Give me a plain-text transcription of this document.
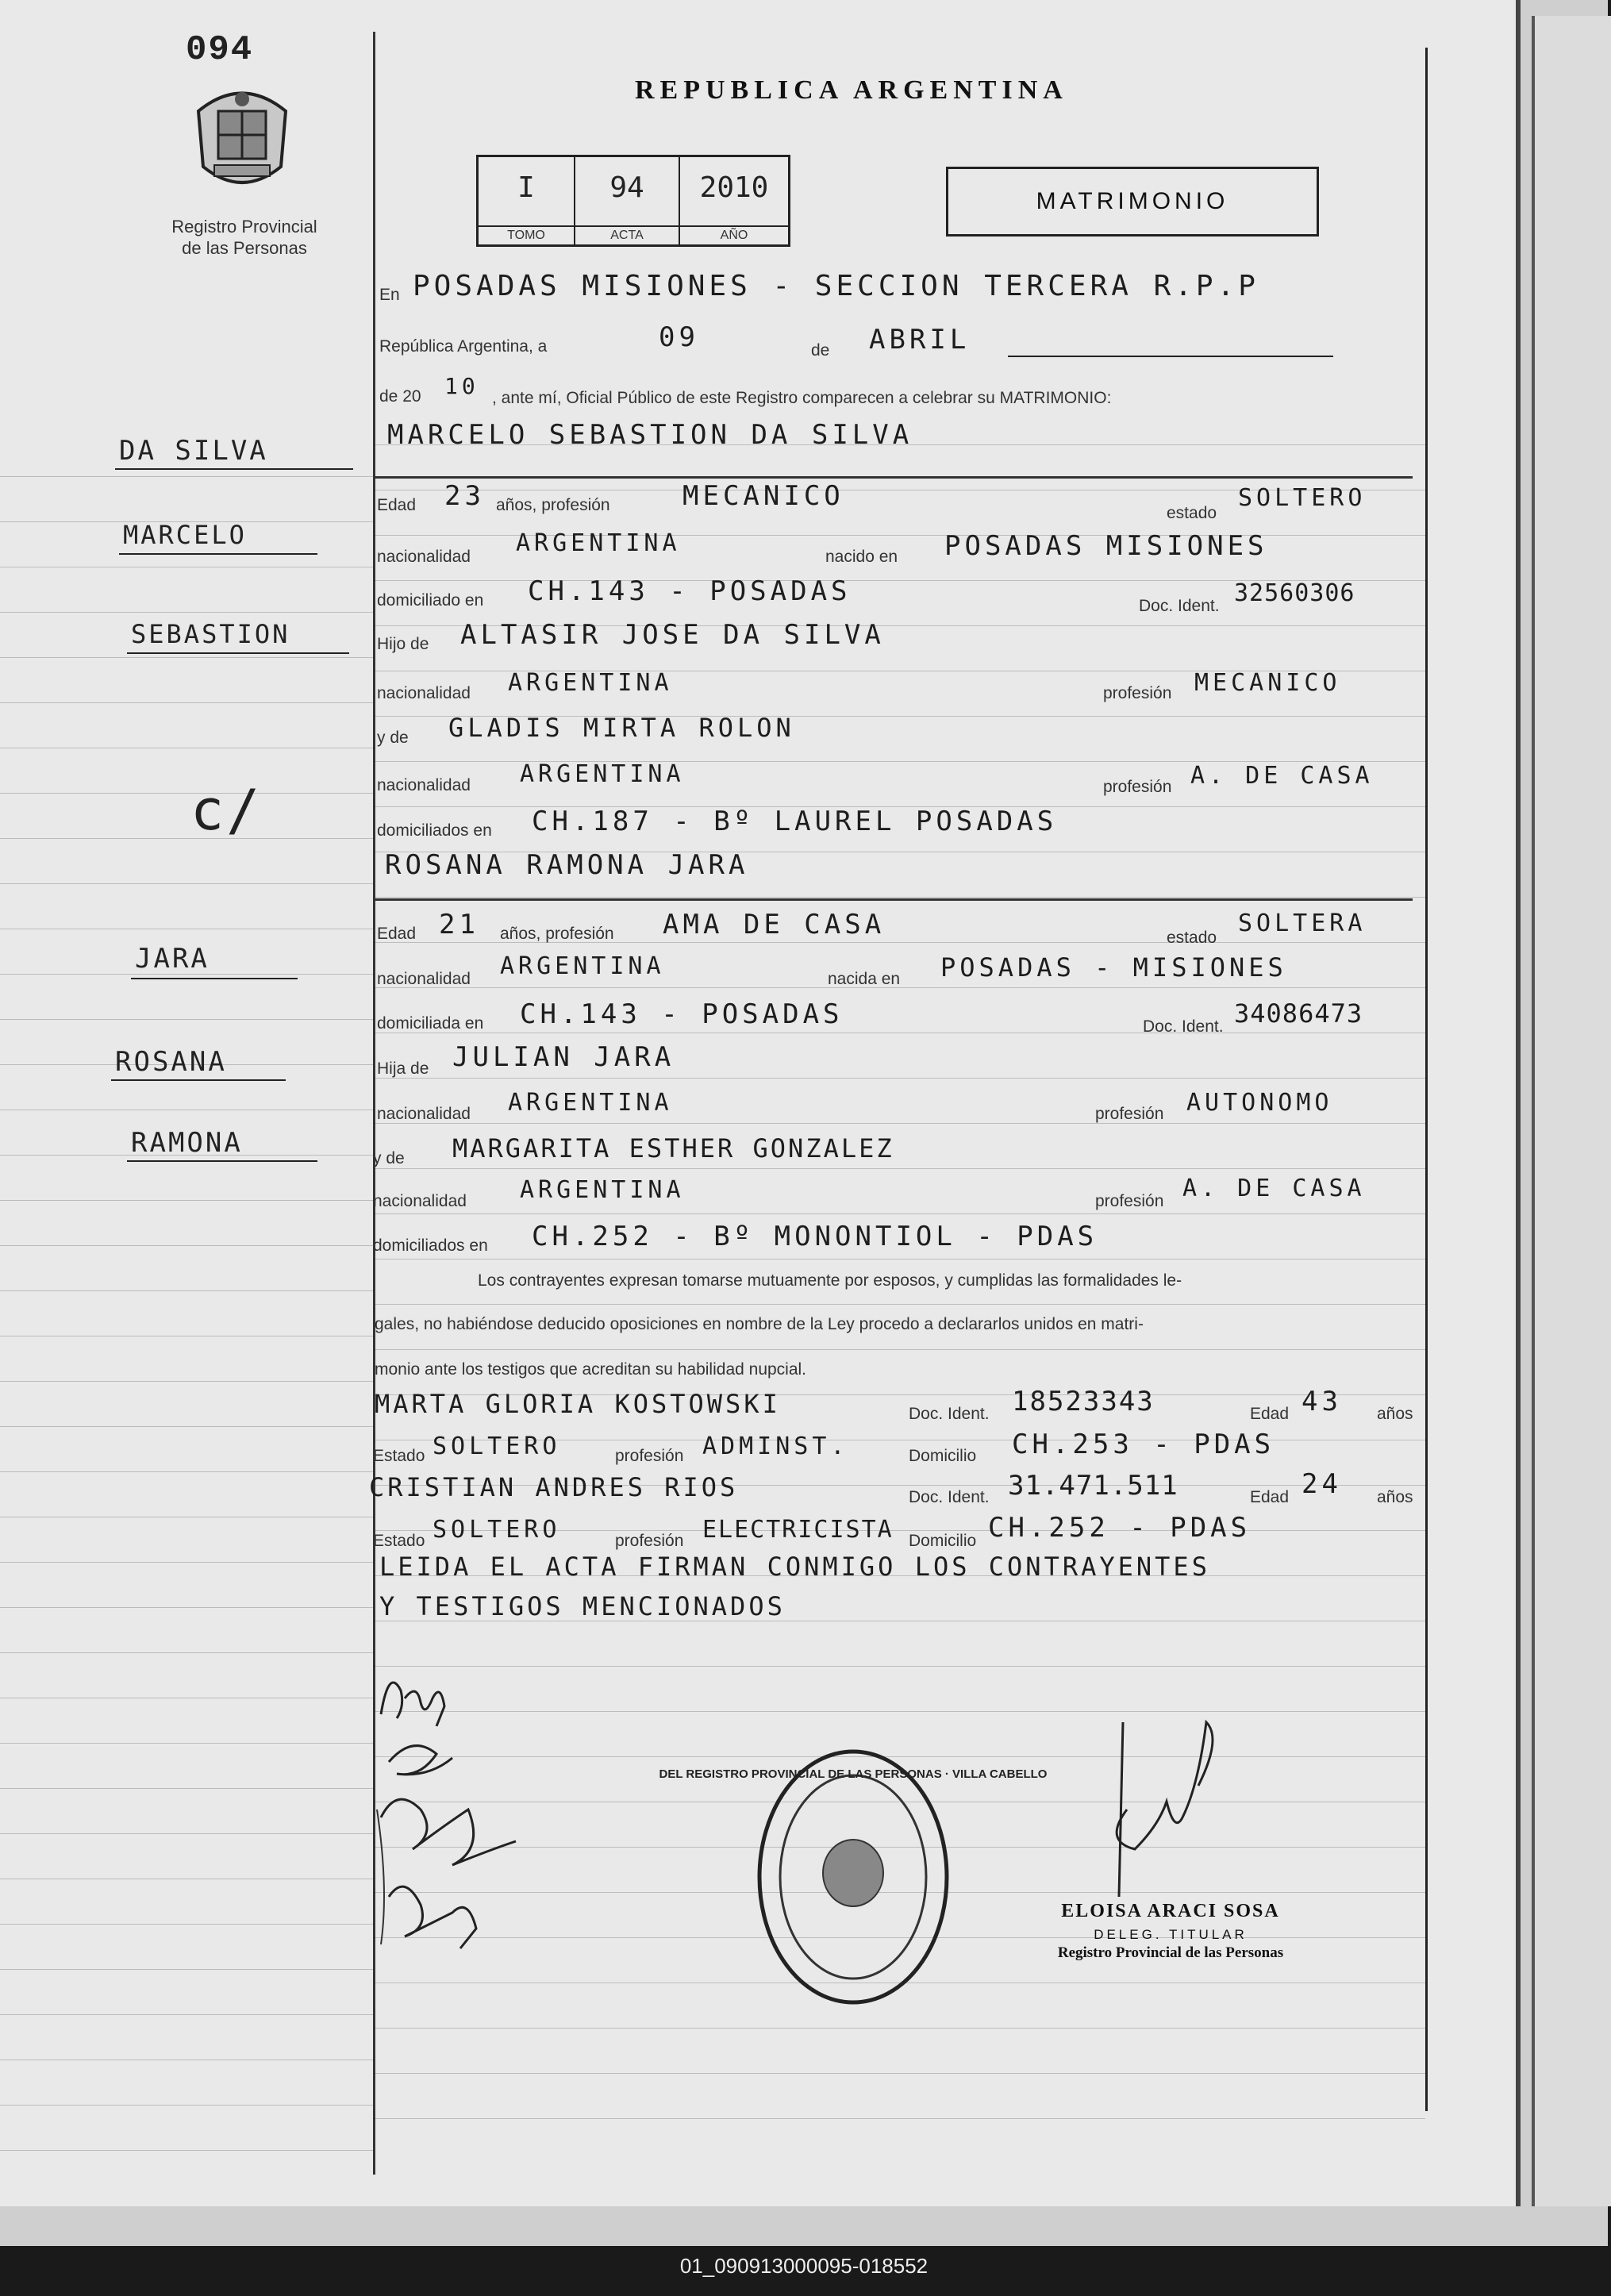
094
Registro Provincial
de las Personas
REPUBLICA ARGENTINA
I
TOMO
94
ACTA
2010
AÑO
MATRIMONIO
En POSADAS MISIONES - SECCION TERCERA R.P.P
República Argentina, a	09	de ABRIL
de 20 10 , ante mí, Oficial Público de este Registro comparecen a celebrar su MATRIMONIO:
DA SILVA
MARCELO
SEBASTION
c/
JARA
ROSANA
RAMONA
MARCELO SEBASTION DA SILVA
Edad 23 años, profesión	MECANICO
estado
SOLTERO
nacionalidad ARGENTINA	nacido en POSADAS MISIONES
domiciliado en CH.143 - POSADAS	Doc. Ident. 32560306
Hijo de ALTASIR JOSE DA SILVA
nacionalidad ARGENTINA	profesión MECANICO
y de GLADIS MIRTA ROLON
nacionalidad ARGENTINA	profesión A. DE CASA
domiciliados en CH.187 - Bº LAUREL POSADAS
ROSANA RAMONA JARA
Edad 21 años, profesión AMA DE CASA	estado
SOLTERA
nacionalidad ARGENTINA	nacida en POSADAS - MISIONES
domiciliada en CH.143 - POSADAS	Doc. Ident. 34086473
Hija de JULIAN JARA
nacionalidad ARGENTINA	profesión AUTONOMO
y de MARGARITA ESTHER GONZALEZ
nacionalidad ARGENTINA	profesión A. DE CASA
domiciliados en CH.252 - Bº MONONTIOL - PDAS
Los contrayentes expresan tomarse mutuamente por esposos, y cumplidas las formalidades le-
gales, no habiéndose deducido oposiciones en nombre de la Ley procedo a declararlos unidos en matri-
monio ante los testigos que acreditan su habilidad nupcial.
MARTA GLORIA KOSTOWSKI	Doc. Ident. 18523343	Edad 43 años
Estado SOLTERO	profesión ADMINST.	Domicilio CH.253 - PDAS
CRISTIAN ANDRES RIOS	Doc. Ident. 31.471.511	Edad 24 años
Estado SOLTERO	profesión ELECTRICISTA Domicilio CH.252 - PDAS
LEIDA EL ACTA FIRMAN CONMIGO LOS CONTRAYENTES
Y TESTIGOS MENCIONADOS
DEL REGISTRO PROVINCIAL DE LAS PERSONAS · VILLA CABELLO
ELOISA ARACI SOSA
DELEG. TITULAR
Registro Provincial de las Personas
01_090913000095-018552
